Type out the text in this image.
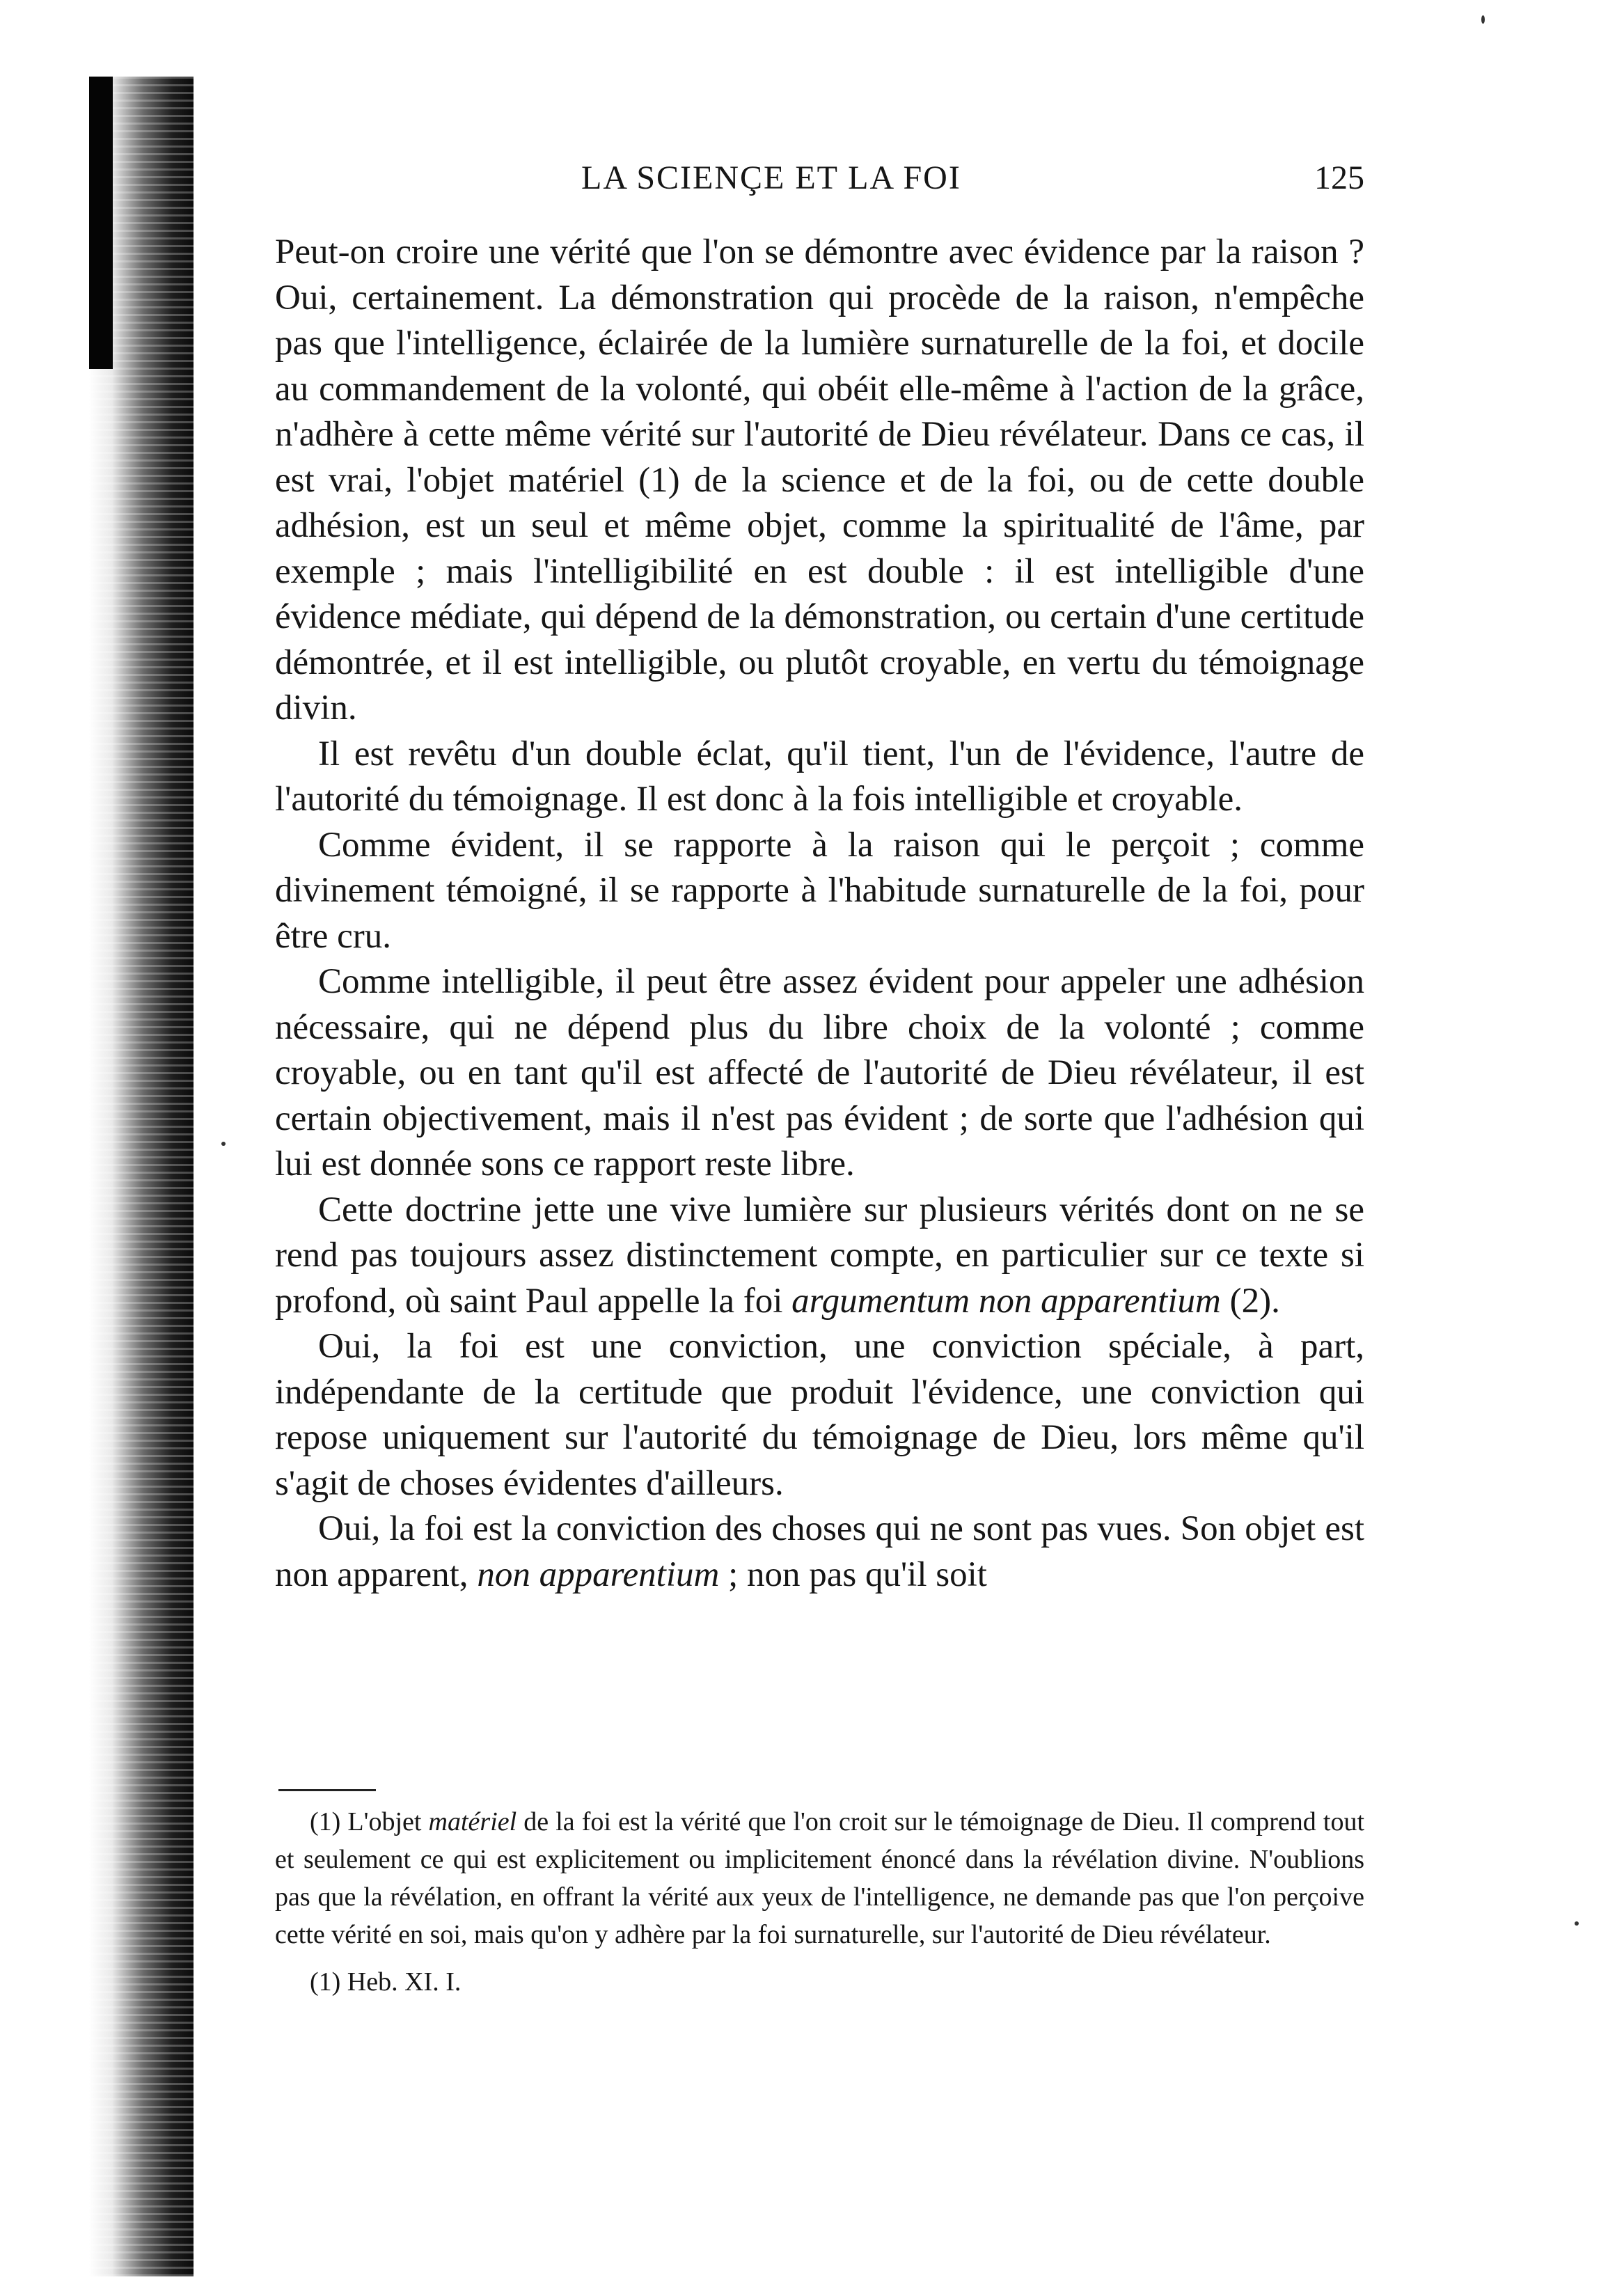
LA SCIENÇE ET LA FOI	125

Peut-on croire une vérité que l'on se démontre avec évidence par la raison ? Oui, certainement. La démonstration qui procède de la raison, n'empêche pas que l'intelligence, éclairée de la lumière surnaturelle de la foi, et docile au commandement de la volonté, qui obéit elle-même à l'action de la grâce, n'adhère à cette même vérité sur l'autorité de Dieu révélateur. Dans ce cas, il est vrai, l'objet matériel (1) de la science et de la foi, ou de cette double adhésion, est un seul et même objet, comme la spiritualité de l'âme, par exemple ; mais l'intelligibilité en est double : il est intelligible d'une évidence médiate, qui dépend de la démonstration, ou certain d'une certitude démontrée, et il est intelligible, ou plutôt croyable, en vertu du témoignage divin.

Il est revêtu d'un double éclat, qu'il tient, l'un de l'évidence, l'autre de l'autorité du témoignage. Il est donc à la fois intelligible et croyable.

Comme évident, il se rapporte à la raison qui le perçoit ; comme divinement témoigné, il se rapporte à l'habitude surnaturelle de la foi, pour être cru.

Comme intelligible, il peut être assez évident pour appeler une adhésion nécessaire, qui ne dépend plus du libre choix de la volonté ; comme croyable, ou en tant qu'il est affecté de l'autorité de Dieu révélateur, il est certain objectivement, mais il n'est pas évident ; de sorte que l'adhésion qui lui est donnée sons ce rapport reste libre.

Cette doctrine jette une vive lumière sur plusieurs vérités dont on ne se rend pas toujours assez distinctement compte, en particulier sur ce texte si profond, où saint Paul appelle la foi argumentum non apparentium (2).

Oui, la foi est une conviction, une conviction spéciale, à part, indépendante de la certitude que produit l'évidence, une conviction qui repose uniquement sur l'autorité du témoignage de Dieu, lors même qu'il s'agit de choses évidentes d'ailleurs.

Oui, la foi est la conviction des choses qui ne sont pas vues. Son objet est non apparent, non apparentium ; non pas qu'il soit

(1) L'objet matériel de la foi est la vérité que l'on croit sur le témoignage de Dieu. Il comprend tout et seulement ce qui est explicitement ou implicitement énoncé dans la révélation divine. N'oublions pas que la révélation, en offrant la vérité aux yeux de l'intelligence, ne demande pas que l'on perçoive cette vérité en soi, mais qu'on y adhère par la foi surnaturelle, sur l'autorité de Dieu révélateur.

(1) Heb. XI. I.
